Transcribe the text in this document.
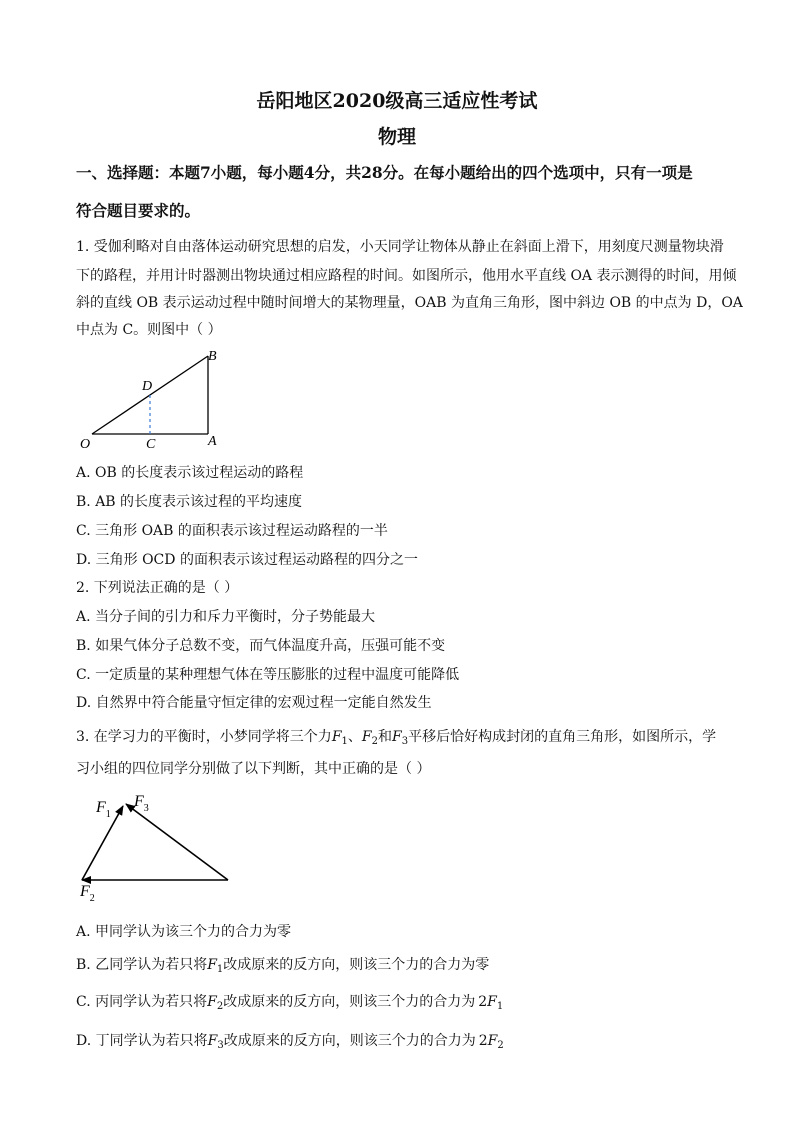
岳阳地区2020级高三适应性考试
物理
一、选择题：本题7小题，每小题4分，共28分。在每小题给出的四个选项中，只有一项是
符合题目要求的。
1. 受伽利略对自由落体运动研究思想的启发，小天同学让物体从静止在斜面上滑下，用刻度尺测量物块滑
下的路程，并用计时器测出物块通过相应路程的时间。如图所示，他用水平直线 OA 表示测得的时间，用倾
斜的直线 OB 表示运动过程中随时间增大的某物理量，OAB 为直角三角形，图中斜边 OB 的中点为 D，OA
中点为 C。则图中（ ）
O	C	A
B
D
A. OB 的长度表示该过程运动的路程
B. AB 的长度表示该过程的平均速度
C. 三角形 OAB 的面积表示该过程运动路程的一半
D. 三角形 OCD 的面积表示该过程运动路程的四分之一
2. 下列说法正确的是（ ）
A. 当分子间的引力和斥力平衡时，分子势能最大
B. 如果气体分子总数不变，而气体温度升高，压强可能不变
C. 一定质量的某种理想气体在等压膨胀的过程中温度可能降低
D. 自然界中符合能量守恒定律的宏观过程一定能自然发生
3. 在学习力的平衡时，小梦同学将三个力$F_1$、$F_2$和$F_3$平移后恰好构成封闭的直角三角形，如图所示，学
习小组的四位同学分别做了以下判断，其中正确的是（ ）
$F_1$
$F_3$
$F_2$
A. 甲同学认为该三个力的合力为零
B. 乙同学认为若只将$F_1$改成原来的反方向，则该三个力的合力为零
C. 丙同学认为若只将$F_2$改成原来的反方向，则该三个力的合力为 $2F_1$
D. 丁同学认为若只将$F_3$改成原来的反方向，则该三个力的合力为 $2F_2$
